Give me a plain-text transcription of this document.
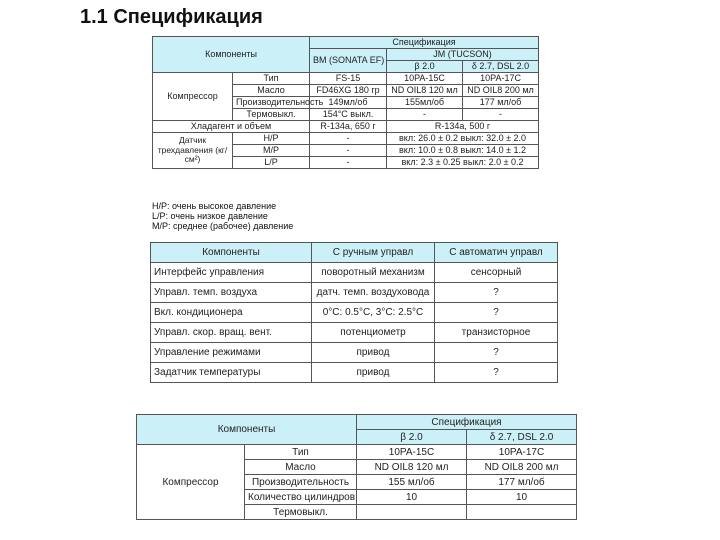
1.1 Спецификация
Компоненты		Спецификация		
		BM (SONATA EF)	JM (TUCSON)	
			β 2.0	δ 2.7, DSL 2.0
Компрессор	Тип	FS-15	10PA-15C	10PA-17C
	Масло	FD46XG 180 гр	ND OIL8 120 мл	ND OIL8 200 мл
	Производительность	149мл/об	155мл/об	177 мл/об
	Термовыкл.	154°C выкл.	-	-
Хладагент и объем		R-134a, 650 г	R-134a, 500 г	
Датчик трехдавления (кг/см²)	H/P	-	вкл: 26.0 ± 0.2 выкл: 32.0 ± 2.0	
	M/P	-	вкл: 10.0 ± 0.8 выкл: 14.0 ± 1.2	
	L/P	-	вкл: 2.3 ± 0.25 выкл: 2.0 ± 0.2	
H/P: очень высокое давление
L/P: очень низкое давление
M/P: среднее (рабочее) давление
Компоненты	С ручным управл	С автоматич управл
Интерфейс управления	поворотный механизм	сенсорный
Управл. темп. воздуха	датч. темп. воздуховода	?
Вкл. кондиционера	0°C: 0.5°C, 3°C: 2.5°C	?
Управл. скор. вращ. вент.	потенциометр	транзисторное
Управление режимами	привод	?
Задатчик температуры	привод	?
Компоненты		Спецификация	
		β 2.0	δ 2.7, DSL 2.0
Компрессор	Тип	10PA-15C	10PA-17C
	Масло	ND OIL8 120 мл	ND OIL8 200 мл
	Производительность	155 мл/об	177 мл/об
	Количество цилиндров	10	10
	Термовыкл.		
